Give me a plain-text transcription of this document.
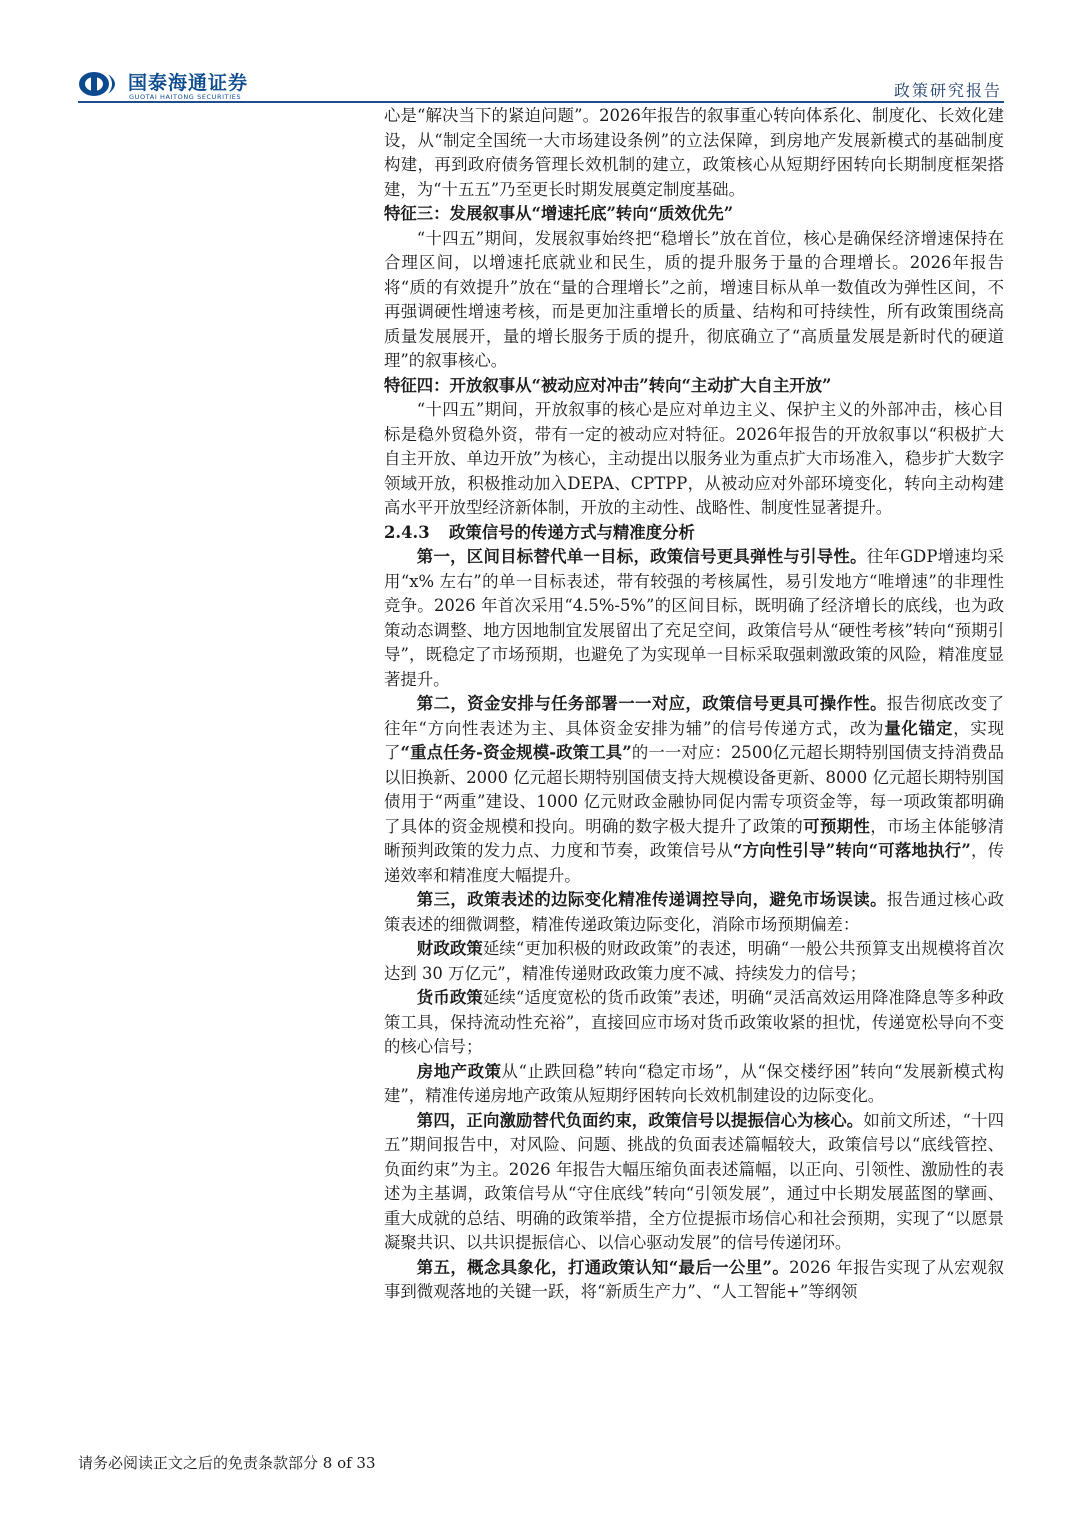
国泰海通证券
GUOTAI HAITONG SECURITIES	政策研究报告

心是“解决当下的紧迫问题”。2026年报告的叙事重心转向体系化、制度化、长效化建设，从“制定全国统一大市场建设条例”的立法保障，到房地产发展新模式的基础制度构建，再到政府债务管理长效机制的建立，政策核心从短期纾困转向长期制度框架搭建，为“十五五”乃至更长时期发展奠定制度基础。

特征三：发展叙事从“增速托底”转向“质效优先”

“十四五”期间，发展叙事始终把“稳增长”放在首位，核心是确保经济增速保持在合理区间，以增速托底就业和民生，质的提升服务于量的合理增长。2026年报告将“质的有效提升”放在“量的合理增长”之前，增速目标从单一数值改为弹性区间，不再强调硬性增速考核，而是更加注重增长的质量、结构和可持续性，所有政策围绕高质量发展展开，量的增长服务于质的提升，彻底确立了“高质量发展是新时代的硬道理”的叙事核心。

特征四：开放叙事从“被动应对冲击”转向“主动扩大自主开放”

“十四五”期间，开放叙事的核心是应对单边主义、保护主义的外部冲击，核心目标是稳外贸稳外资，带有一定的被动应对特征。2026年报告的开放叙事以“积极扩大自主开放、单边开放”为核心，主动提出以服务业为重点扩大市场准入，稳步扩大数字领域开放，积极推动加入DEPA、CPTPP，从被动应对外部环境变化，转向主动构建高水平开放型经济新体制，开放的主动性、战略性、制度性显著提升。

2.4.3 政策信号的传递方式与精准度分析

第一，区间目标替代单一目标，政策信号更具弹性与引导性。往年GDP增速均采用“x% 左右”的单一目标表述，带有较强的考核属性，易引发地方“唯增速”的非理性竞争。2026 年首次采用“4.5%-5%”的区间目标，既明确了经济增长的底线，也为政策动态调整、地方因地制宜发展留出了充足空间，政策信号从“硬性考核”转向“预期引导”，既稳定了市场预期，也避免了为实现单一目标采取强刺激政策的风险，精准度显著提升。

第二，资金安排与任务部署一一对应，政策信号更具可操作性。报告彻底改变了往年“方向性表述为主、具体资金安排为辅”的信号传递方式，改为量化锚定，实现了“重点任务-资金规模-政策工具”的一一对应：2500亿元超长期特别国债支持消费品以旧换新、2000 亿元超长期特别国债支持大规模设备更新、8000 亿元超长期特别国债用于“两重”建设、1000 亿元财政金融协同促内需专项资金等，每一项政策都明确了具体的资金规模和投向。明确的数字极大提升了政策的可预期性，市场主体能够清晰预判政策的发力点、力度和节奏，政策信号从“方向性引导”转向“可落地执行”，传递效率和精准度大幅提升。

第三，政策表述的边际变化精准传递调控导向，避免市场误读。报告通过核心政策表述的细微调整，精准传递政策边际变化，消除市场预期偏差：

财政政策延续“更加积极的财政政策”的表述，明确“一般公共预算支出规模将首次达到 30 万亿元”，精准传递财政政策力度不减、持续发力的信号；

货币政策延续“适度宽松的货币政策”表述，明确“灵活高效运用降准降息等多种政策工具，保持流动性充裕”，直接回应市场对货币政策收紧的担忧，传递宽松导向不变的核心信号；

房地产政策从“止跌回稳”转向“稳定市场”，从“保交楼纾困”转向“发展新模式构建”，精准传递房地产政策从短期纾困转向长效机制建设的边际变化。

第四，正向激励替代负面约束，政策信号以提振信心为核心。如前文所述，“十四五”期间报告中，对风险、问题、挑战的负面表述篇幅较大，政策信号以“底线管控、负面约束”为主。2026 年报告大幅压缩负面表述篇幅，以正向、引领性、激励性的表述为主基调，政策信号从“守住底线”转向“引领发展”，通过中长期发展蓝图的擘画、重大成就的总结、明确的政策举措，全方位提振市场信心和社会预期，实现了“以愿景凝聚共识、以共识提振信心、以信心驱动发展”的信号传递闭环。

第五，概念具象化，打通政策认知“最后一公里”。2026 年报告实现了从宏观叙事到微观落地的关键一跃，将“新质生产力”、“人工智能+”等纲领

请务必阅读正文之后的免责条款部分 8 of 33
